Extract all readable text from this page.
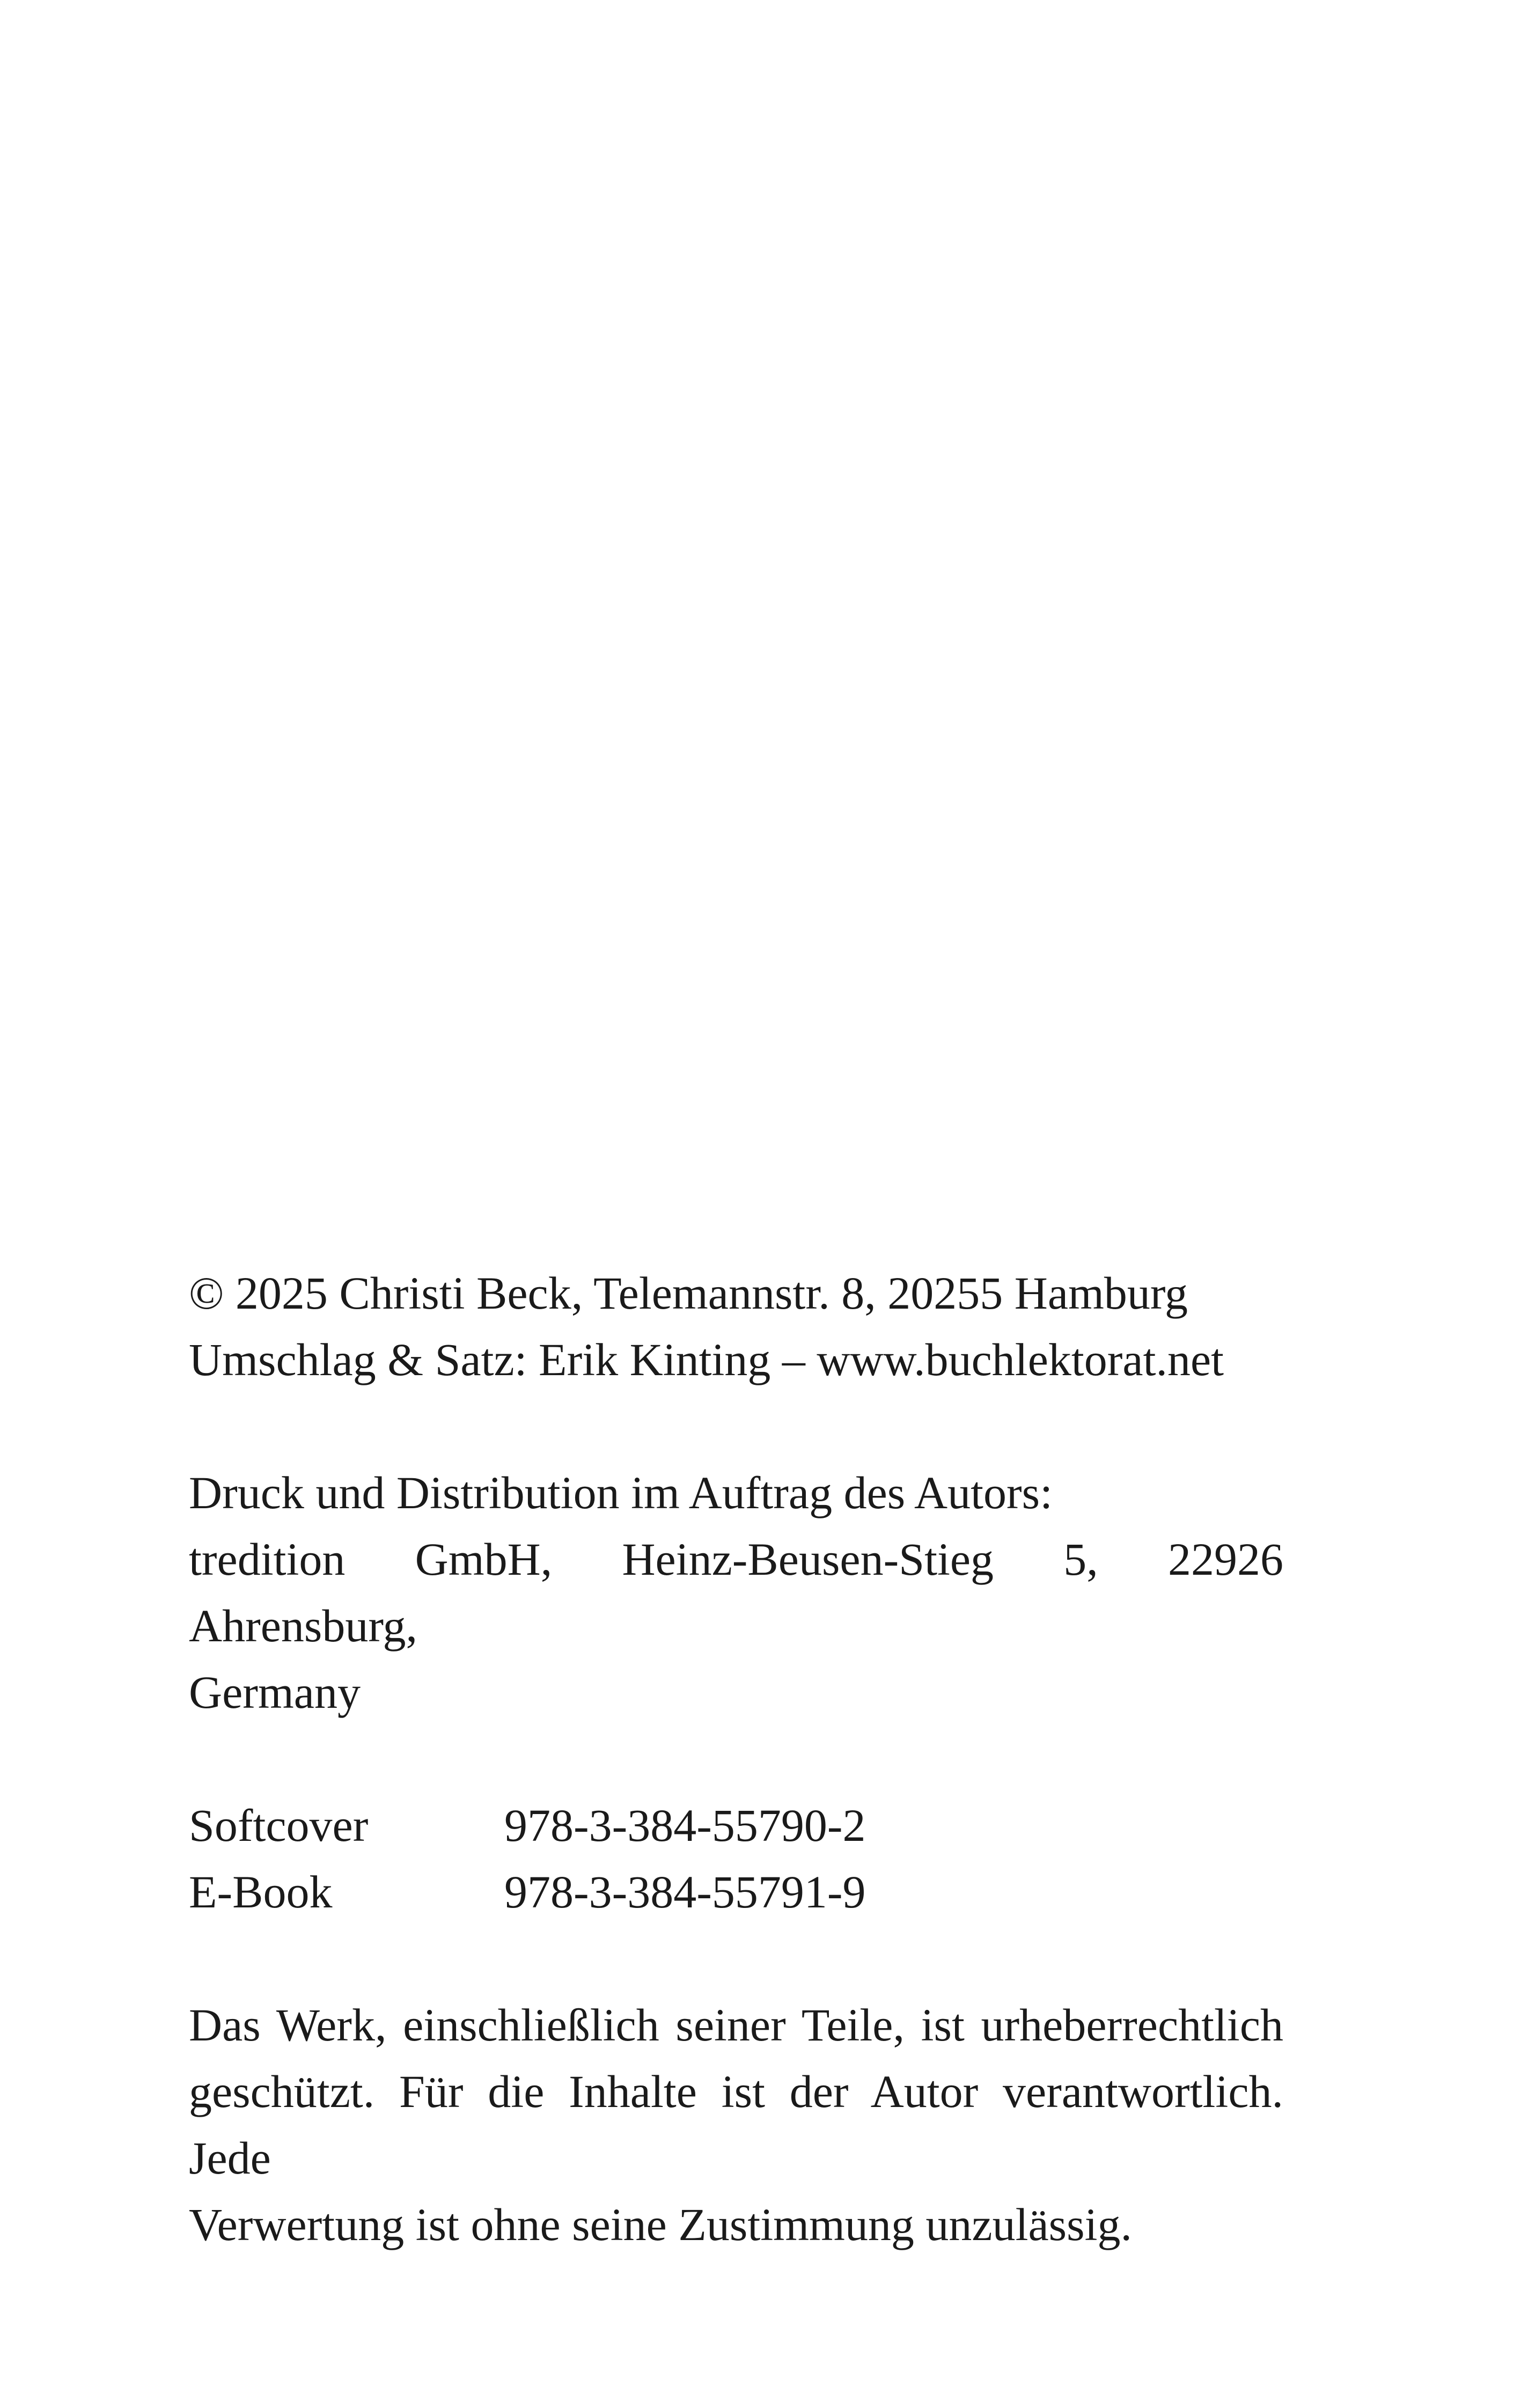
© 2025 Christi Beck, Telemannstr. 8, 20255 Hamburg
Umschlag & Satz: Erik Kinting – www.buchlektorat.net
Druck und Distribution im Auftrag des Autors:
tredition GmbH, Heinz-Beusen-Stieg 5, 22926 Ahrensburg,
Germany
Softcover	978-3-384-55790-2
E-Book	978-3-384-55791-9
Das Werk, einschließlich seiner Teile, ist urheberrechtlich
geschützt. Für die Inhalte ist der Autor verantwortlich. Jede
Verwertung ist ohne seine Zustimmung unzulässig.
